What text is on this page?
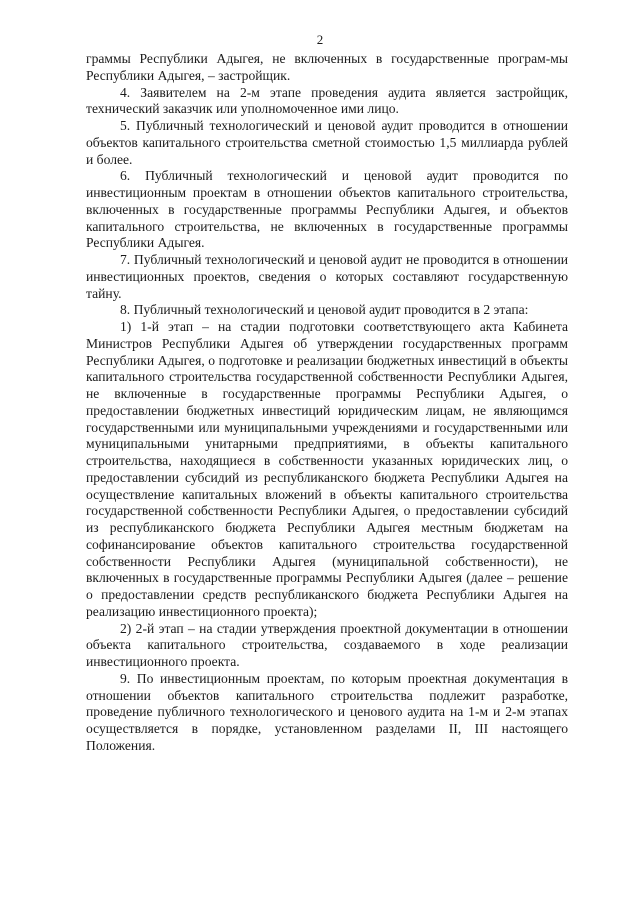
2

граммы Республики Адыгея, не включенных в государственные програм-мы Республики Адыгея, – застройщик.

4. Заявителем на 2-м этапе проведения аудита является застройщик, технический заказчик или уполномоченное ими лицо.

5. Публичный технологический и ценовой аудит проводится в отношении объектов капитального строительства сметной стоимостью 1,5 миллиарда рублей и более.

6. Публичный технологический и ценовой аудит проводится по инвестиционным проектам в отношении объектов капитального строительства, включенных в государственные программы Республики Адыгея, и объектов капитального строительства, не включенных в государственные программы Республики Адыгея.

7. Публичный технологический и ценовой аудит не проводится в отношении инвестиционных проектов, сведения о которых составляют государственную тайну.

8. Публичный технологический и ценовой аудит проводится в 2 этапа:

1) 1-й этап – на стадии подготовки соответствующего акта Кабинета Министров Республики Адыгея об утверждении государственных программ Республики Адыгея, о подготовке и реализации бюджетных инвестиций в объекты капитального строительства государственной собственности Республики Адыгея, не включенные в государственные программы Республики Адыгея, о предоставлении бюджетных инвестиций юридическим лицам, не являющимся государственными или муниципальными учреждениями и государственными или муниципальными унитарными предприятиями, в объекты капитального строительства, находящиеся в собственности указанных юридических лиц, о предоставлении субсидий из республиканского бюджета Республики Адыгея на осуществление капитальных вложений в объекты капитального строительства государственной собственности Республики Адыгея, о предоставлении субсидий из республиканского бюджета Республики Адыгея местным бюджетам на софинансирование объектов капитального строительства государственной собственности Республики Адыгея (муниципальной собственности), не включенных в государственные программы Республики Адыгея (далее – решение о предоставлении средств республиканского бюджета Республики Адыгея на реализацию инвестиционного проекта);

2) 2-й этап – на стадии утверждения проектной документации в отношении объекта капитального строительства, создаваемого в ходе реализации инвестиционного проекта.

9. По инвестиционным проектам, по которым проектная документация в отношении объектов капитального строительства подлежит разработке, проведение публичного технологического и ценового аудита на 1-м и 2-м этапах осуществляется в порядке, установленном разделами II, III настоящего Положения.
